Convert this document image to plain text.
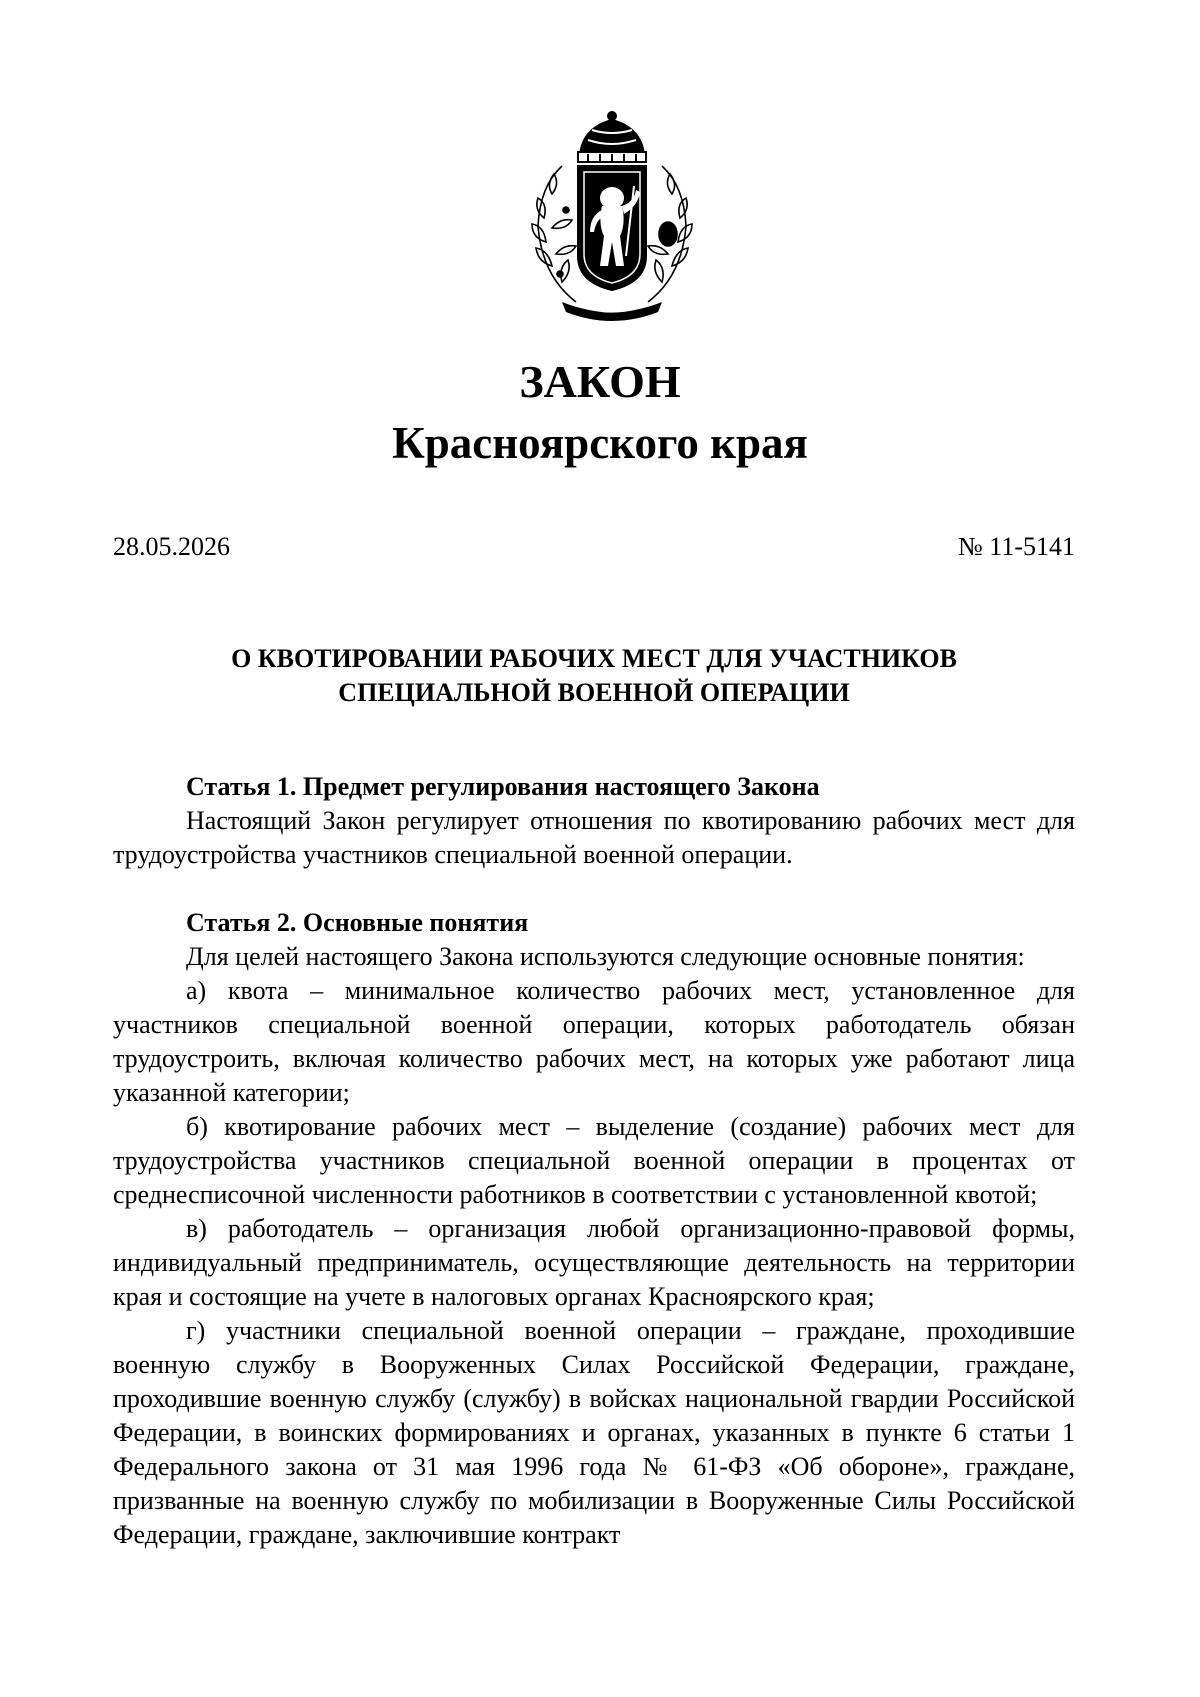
ЗАКОН
Красноярского края
28.05.2026	№ 11-5141
О КВОТИРОВАНИИ РАБОЧИХ МЕСТ ДЛЯ УЧАСТНИКОВ
СПЕЦИАЛЬНОЙ ВОЕННОЙ ОПЕРАЦИИ

Статья 1. Предмет регулирования настоящего Закона

Настоящий Закон регулирует отношения по квотированию рабочих мест для трудоустройства участников специальной военной операции.

Статья 2. Основные понятия

Для целей настоящего Закона используются следующие основные понятия:

а) квота – минимальное количество рабочих мест, установленное для участников специальной военной операции, которых работодатель обязан трудоустроить, включая количество рабочих мест, на которых уже работают лица указанной категории;

б) квотирование рабочих мест – выделение (создание) рабочих мест для трудоустройства участников специальной военной операции в процентах от среднесписочной численности работников в соответствии с установленной квотой;

в) работодатель – организация любой организационно-правовой формы, индивидуальный предприниматель, осуществляющие деятельность на территории края и состоящие на учете в налоговых органах Красноярского края;

г) участники специальной военной операции – граждане, проходившие военную службу в Вооруженных Силах Российской Федерации, граждане, проходившие военную службу (службу) в войсках национальной гвардии Российской Федерации, в воинских формированиях и органах, указанных в пункте 6 статьи 1 Федерального закона от 31 мая 1996 года № 61-ФЗ «Об обороне», граждане, призванные на военную службу по мобилизации в Вооруженные Силы Российской Федерации, граждане, заключившие контракт
